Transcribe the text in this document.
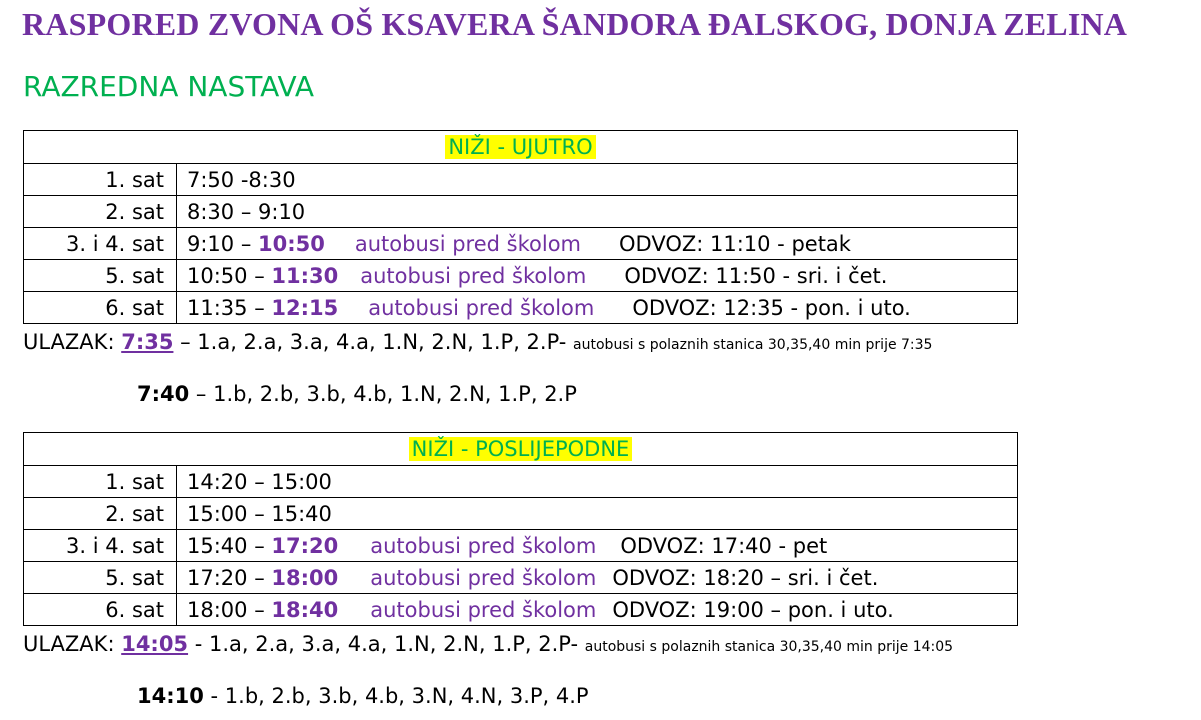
RASPORED ZVONA OŠ KSAVERA ŠANDORA ĐALSKOG, DONJA ZELINA
RAZREDNA NASTAVA
NIŽI - UJUTRO	
1. sat	7:50 -8:30
2. sat	8:30 – 9:10
3. i 4. sat	9:10 – 10:50 autobusi pred školom ODVOZ: 11:10 - petak
5. sat	10:50 – 11:30 autobusi pred školom ODVOZ: 11:50 - sri. i čet.
6. sat	11:35 – 12:15 autobusi pred školom ODVOZ: 12:35 - pon. i uto.
ULAZAK: 7:35 – 1.a, 2.a, 3.a, 4.a, 1.N, 2.N, 1.P, 2.P- autobusi s polaznih stanica 30,35,40 min prije 7:35
7:40 – 1.b, 2.b, 3.b, 4.b, 1.N, 2.N, 1.P, 2.P
NIŽI - POSLIJEPODNE	
1. sat	14:20 – 15:00
2. sat	15:00 – 15:40
3. i 4. sat	15:40 – 17:20 autobusi pred školom ODVOZ: 17:40 - pet
5. sat	17:20 – 18:00 autobusi pred školom ODVOZ: 18:20 – sri. i čet.
6. sat	18:00 – 18:40 autobusi pred školom ODVOZ: 19:00 – pon. i uto.
ULAZAK: 14:05 - 1.a, 2.a, 3.a, 4.a, 1.N, 2.N, 1.P, 2.P- autobusi s polaznih stanica 30,35,40 min prije 14:05
14:10 - 1.b, 2.b, 3.b, 4.b, 3.N, 4.N, 3.P, 4.P
